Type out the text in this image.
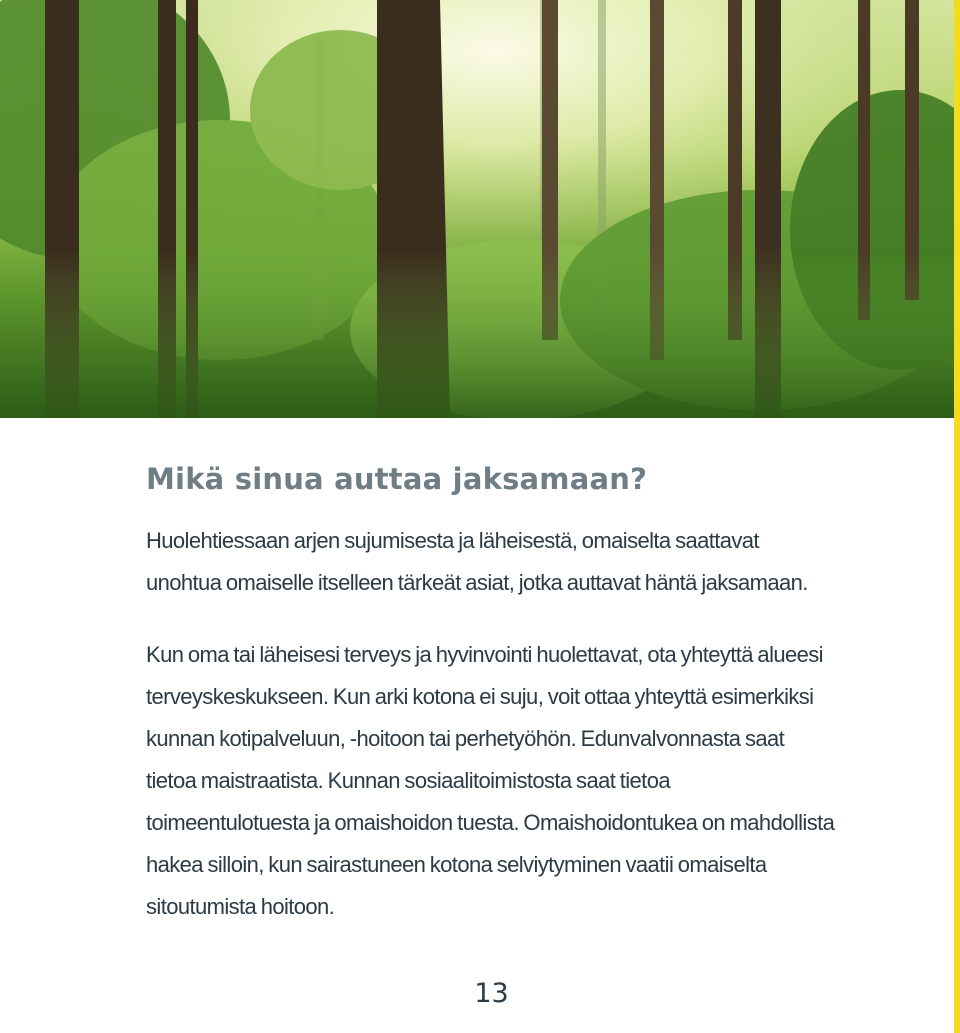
Mikä sinua auttaa jaksamaan?

Huolehtiessaan arjen sujumisesta ja läheisestä, omaiselta saattavat unohtua omaiselle itselleen tärkeät asiat, jotka auttavat häntä jaksamaan.

Kun oma tai läheisesi terveys ja hyvinvointi huolettavat, ota yhteyttä alueesi terveyskeskukseen. Kun arki kotona ei suju, voit ottaa yhteyttä esimerkiksi kunnan kotipalveluun, -hoitoon tai perhetyöhön. Edunvalvonnasta saat tietoa maistraatista. Kunnan sosiaalitoimistosta saat tietoa toimeentulotuesta ja omaishoidon tuesta. Omaishoidontukea on mahdollista hakea silloin, kun sairastuneen kotona selviytyminen vaatii omaiselta sitoutumista hoitoon.

13
